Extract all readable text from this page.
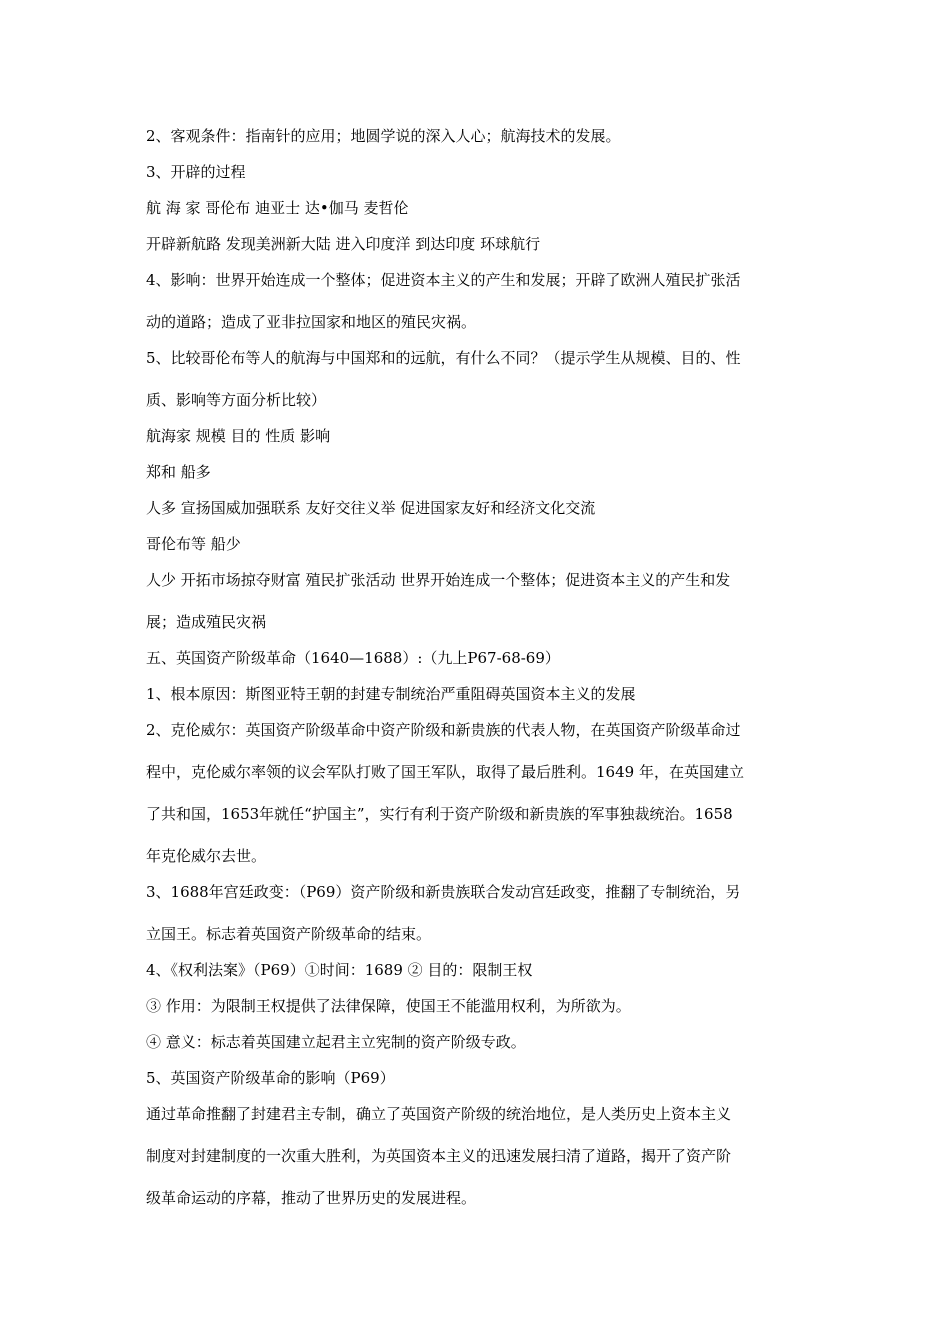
2、客观条件：指南针的应用；地圆学说的深入人心；航海技术的发展。
3、开辟的过程
航 海 家 哥伦布 迪亚士 达•伽马 麦哲伦
开辟新航路 发现美洲新大陆 进入印度洋 到达印度 环球航行
4、影响：世界开始连成一个整体；促进资本主义的产生和发展；开辟了欧洲人殖民扩张活
动的道路；造成了亚非拉国家和地区的殖民灾祸。
5、比较哥伦布等人的航海与中国郑和的远航，有什么不同？（提示学生从规模、目的、性
质、影响等方面分析比较）
航海家 规模 目的 性质 影响
郑和 船多
人多 宣扬国威加强联系 友好交往义举 促进国家友好和经济文化交流
哥伦布等 船少
人少 开拓市场掠夺财富 殖民扩张活动 世界开始连成一个整体；促进资本主义的产生和发
展；造成殖民灾祸
五、英国资产阶级革命（1640—1688）:（九上P67-68-69）
1、根本原因：斯图亚特王朝的封建专制统治严重阻碍英国资本主义的发展
2、克伦威尔：英国资产阶级革命中资产阶级和新贵族的代表人物，在英国资产阶级革命过
程中，克伦威尔率领的议会军队打败了国王军队，取得了最后胜利。1649 年，在英国建立
了共和国，1653年就任“护国主”，实行有利于资产阶级和新贵族的军事独裁统治。1658
年克伦威尔去世。
3、1688年宫廷政变：（P69）资产阶级和新贵族联合发动宫廷政变，推翻了专制统治，另
立国王。标志着英国资产阶级革命的结束。
4、《权利法案》（P69）①时间：1689 ② 目的：限制王权
③ 作用：为限制王权提供了法律保障，使国王不能滥用权利，为所欲为。
④ 意义：标志着英国建立起君主立宪制的资产阶级专政。
5、英国资产阶级革命的影响（P69）
通过革命推翻了封建君主专制，确立了英国资产阶级的统治地位，是人类历史上资本主义
制度对封建制度的一次重大胜利，为英国资本主义的迅速发展扫清了道路，揭开了资产阶
级革命运动的序幕，推动了世界历史的发展进程。
